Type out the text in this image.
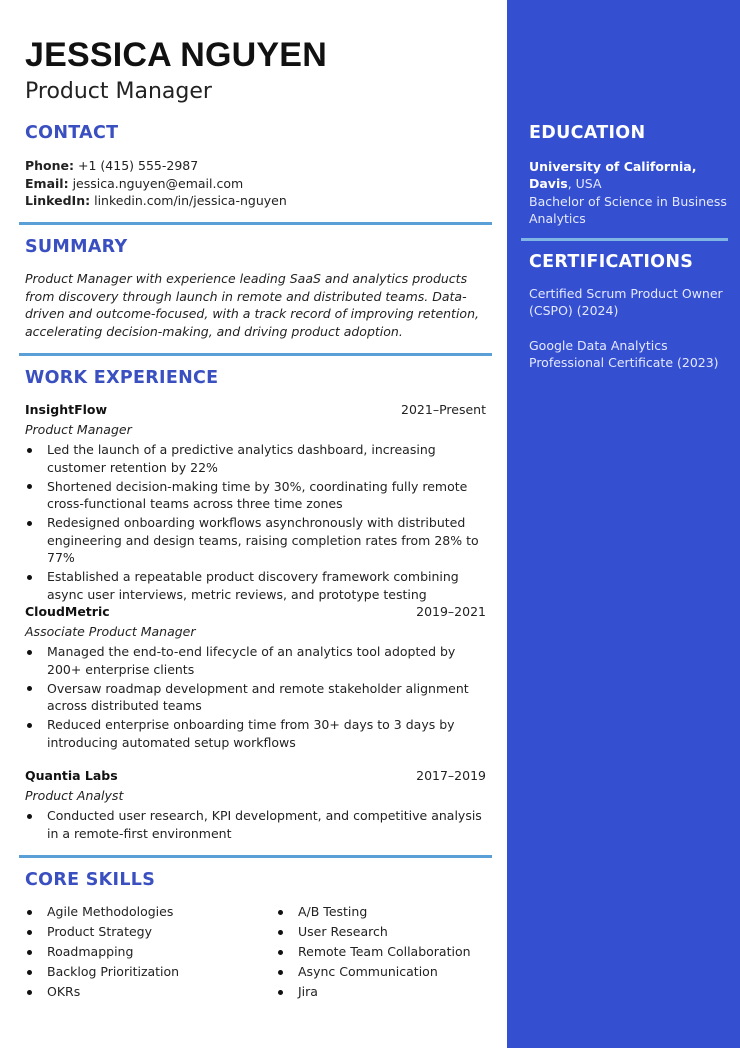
JESSICA NGUYEN
Product Manager
CONTACT
Phone: +1 (415) 555-2987
Email: jessica.nguyen@email.com
LinkedIn: linkedin.com/in/jessica-nguyen
SUMMARY
Product Manager with experience leading SaaS and analytics products from discovery through launch in remote and distributed teams. Data-driven and outcome-focused, with a track record of improving retention, accelerating decision-making, and driving product adoption.
WORK EXPERIENCE
InsightFlow	2021–Present
Product Manager
Led the launch of a predictive analytics dashboard, increasing customer retention by 22%
Shortened decision-making time by 30%, coordinating fully remote cross-functional teams across three time zones
Redesigned onboarding workflows asynchronously with distributed engineering and design teams, raising completion rates from 28% to 77%
Established a repeatable product discovery framework combining async user interviews, metric reviews, and prototype testing
CloudMetric	2019–2021
Associate Product Manager
Managed the end-to-end lifecycle of an analytics tool adopted by 200+ enterprise clients
Oversaw roadmap development and remote stakeholder alignment across distributed teams
Reduced enterprise onboarding time from 30+ days to 3 days by introducing automated setup workflows
Quantia Labs	2017–2019
Product Analyst
Conducted user research, KPI development, and competitive analysis in a remote-first environment
CORE SKILLS
Agile Methodologies
Product Strategy
Roadmapping
Backlog Prioritization
OKRs
A/B Testing
User Research
Remote Team Collaboration
Async Communication
Jira
EDUCATION
University of California, Davis, USA
Bachelor of Science in Business Analytics
CERTIFICATIONS
Certified Scrum Product Owner (CSPO) (2024)
Google Data Analytics Professional Certificate (2023)
